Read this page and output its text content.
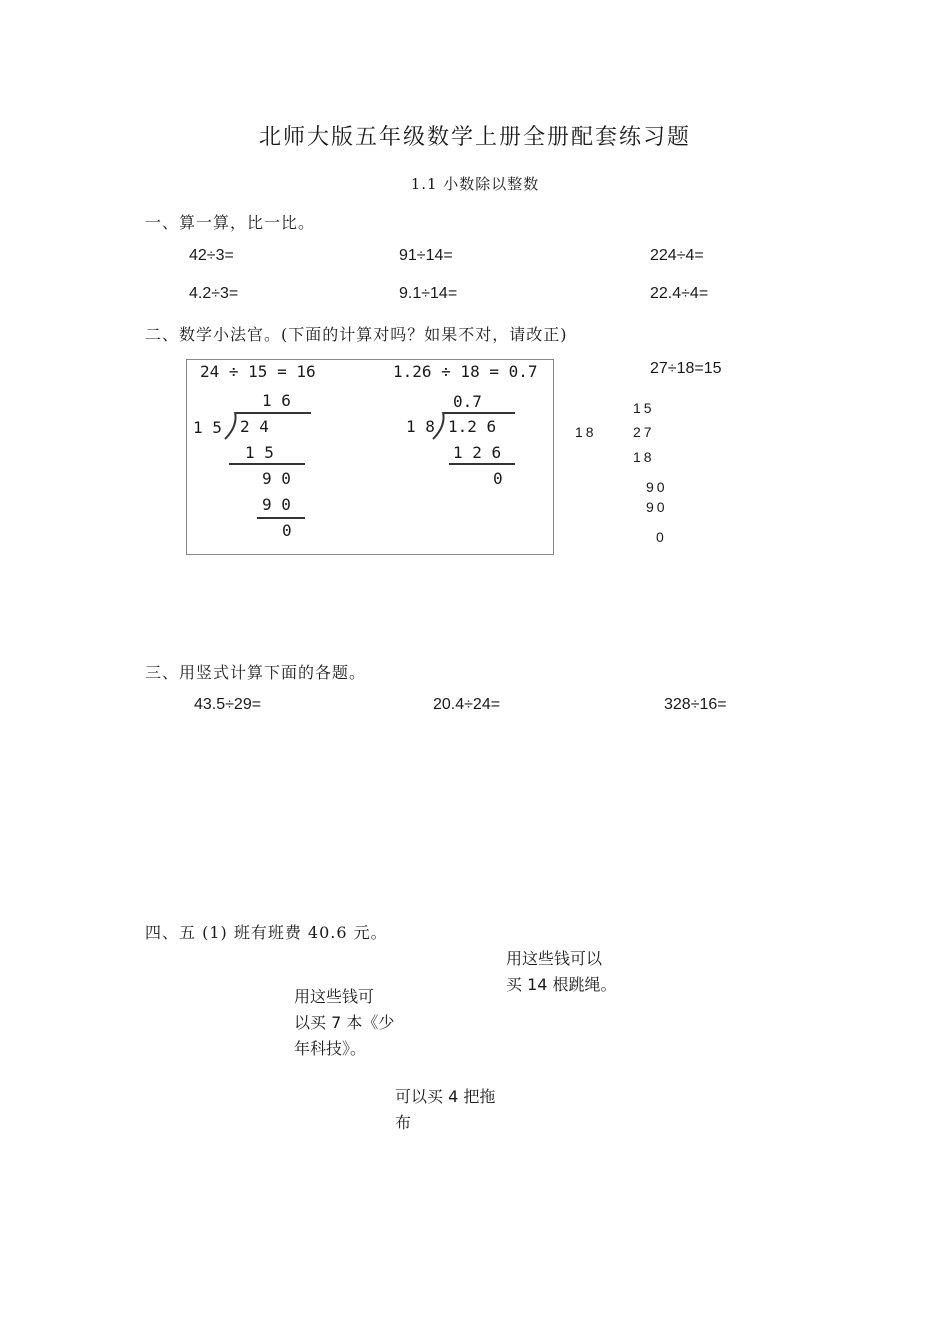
北师大版五年级数学上册全册配套练习题
1.1 小数除以整数
一、算一算，比一比。
42÷3=	91÷14=	224÷4=
4.2÷3=	9.1÷14=	22.4÷4=
二、数学小法官。(下面的计算对吗？如果不对，请改正)
24 ÷ 15 = 16	1.26 ÷ 18 = 0.7
1 6
1 5 2 4
1 5
9 0
9 0
0
0.7
1 8 1.2 6
1 2 6
0
27÷18=15
15
18	27
18
90
90
0
三、用竖式计算下面的各题。
43.5÷29=	20.4÷24=	328÷16=
四、五 (1) 班有班费 40.6 元。
用这些钱可以
买 14 根跳绳。
用这些钱可
以买 7 本《少
年科技》。
可以买 4 把拖
布
